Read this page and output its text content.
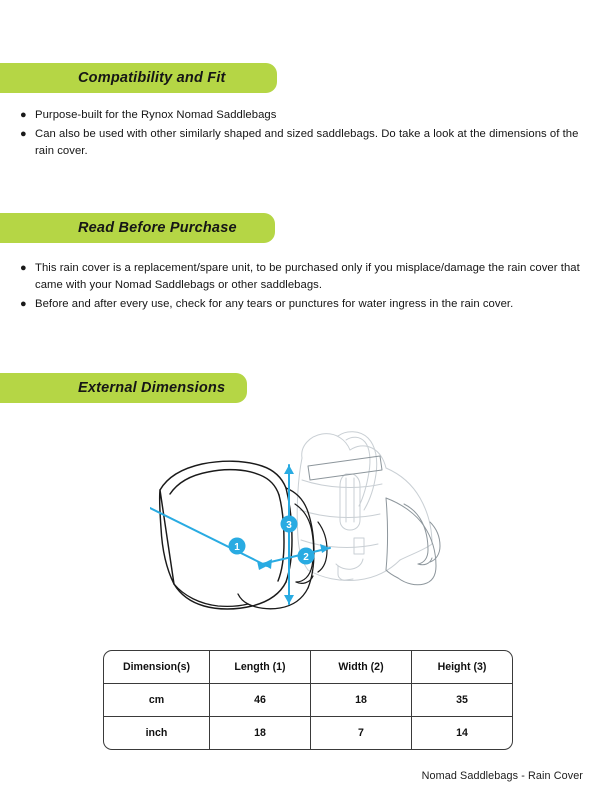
Compatibility and Fit
● Purpose-built for the Rynox Nomad Saddlebags
● Can also be used with other similarly shaped and sized saddlebags. Do take a look at the dimensions of the rain cover.
Read Before Purchase
● This rain cover is a replacement/spare unit, to be purchased only if you misplace/damage the rain cover that came with your Nomad Saddlebags or other saddlebags.
● Before and after every use, check for any tears or punctures for water ingress in the rain cover.
External Dimensions
1
3
2
Dimension(s)	Length (1)	Width (2)	Height (3)
cm	46	18	35
inch	18	7	14
Nomad Saddlebags - Rain Cover
